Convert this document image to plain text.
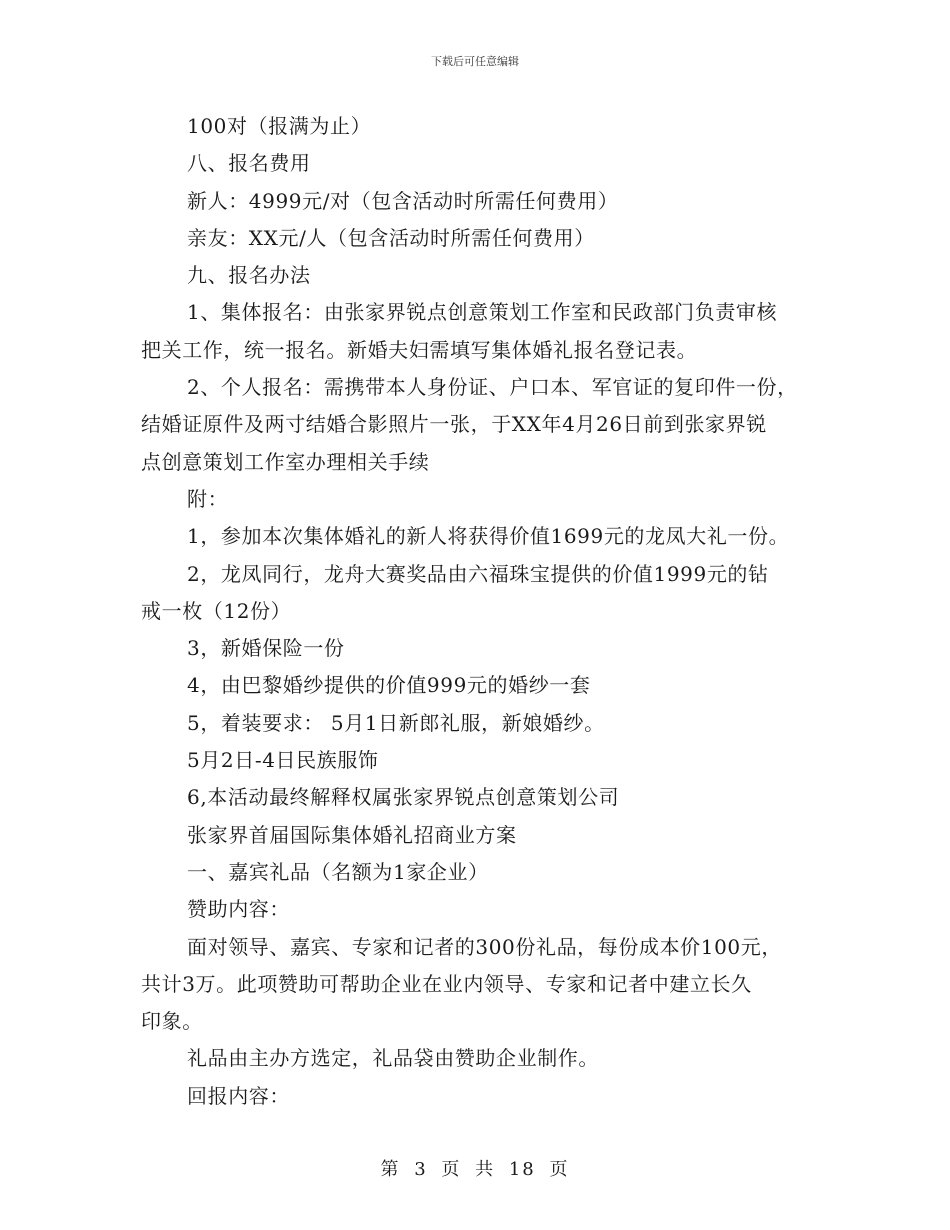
下载后可任意编辑
100对（报满为止）
八、报名费用
新人：4999元/对（包含活动时所需任何费用）
亲友：XX元/人（包含活动时所需任何费用）
九、报名办法
1、集体报名：由张家界锐点创意策划工作室和民政部门负责审核
把关工作，统一报名。新婚夫妇需填写集体婚礼报名登记表。
2、个人报名：需携带本人身份证、户口本、军官证的复印件一份，
结婚证原件及两寸结婚合影照片一张，于XX年4月26日前到张家界锐
点创意策划工作室办理相关手续
附：
1，参加本次集体婚礼的新人将获得价值1699元的龙凤大礼一份。
2，龙凤同行，龙舟大赛奖品由六福珠宝提供的价值1999元的钻
戒一枚（12份）
3，新婚保险一份
4，由巴黎婚纱提供的价值999元的婚纱一套
5，着装要求： 5月1日新郎礼服，新娘婚纱。
5月2日-4日民族服饰
6,本活动最终解释权属张家界锐点创意策划公司
张家界首届国际集体婚礼招商业方案
一、嘉宾礼品（名额为1家企业）
赞助内容：
面对领导、嘉宾、专家和记者的300份礼品，每份成本价100元，
共计3万。此项赞助可帮助企业在业内领导、专家和记者中建立长久
印象。
礼品由主办方选定，礼品袋由赞助企业制作。
回报内容：
第 3 页 共 18 页
